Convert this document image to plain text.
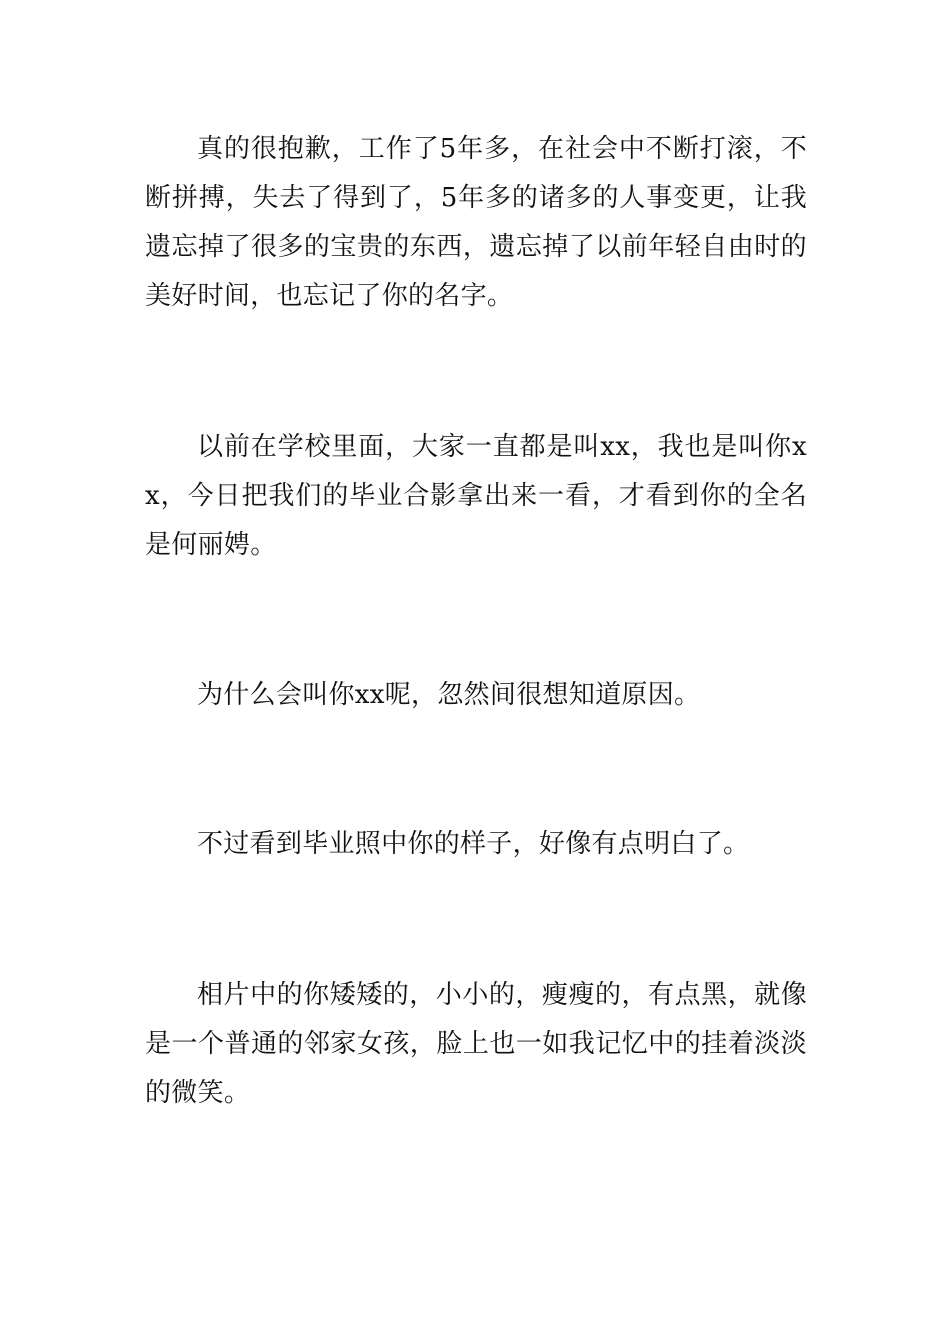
真的很抱歉，工作了5年多，在社会中不断打滚，不断拼搏，失去了得到了，5年多的诸多的人事变更，让我遗忘掉了很多的宝贵的东西，遗忘掉了以前年轻自由时的美好时间，也忘记了你的名字。

以前在学校里面，大家一直都是叫xx，我也是叫你xx，今日把我们的毕业合影拿出来一看，才看到你的全名是何丽娉。

为什么会叫你xx呢，忽然间很想知道原因。

不过看到毕业照中你的样子，好像有点明白了。

相片中的你矮矮的，小小的，瘦瘦的，有点黑，就像是一个普通的邻家女孩，脸上也一如我记忆中的挂着淡淡的微笑。
